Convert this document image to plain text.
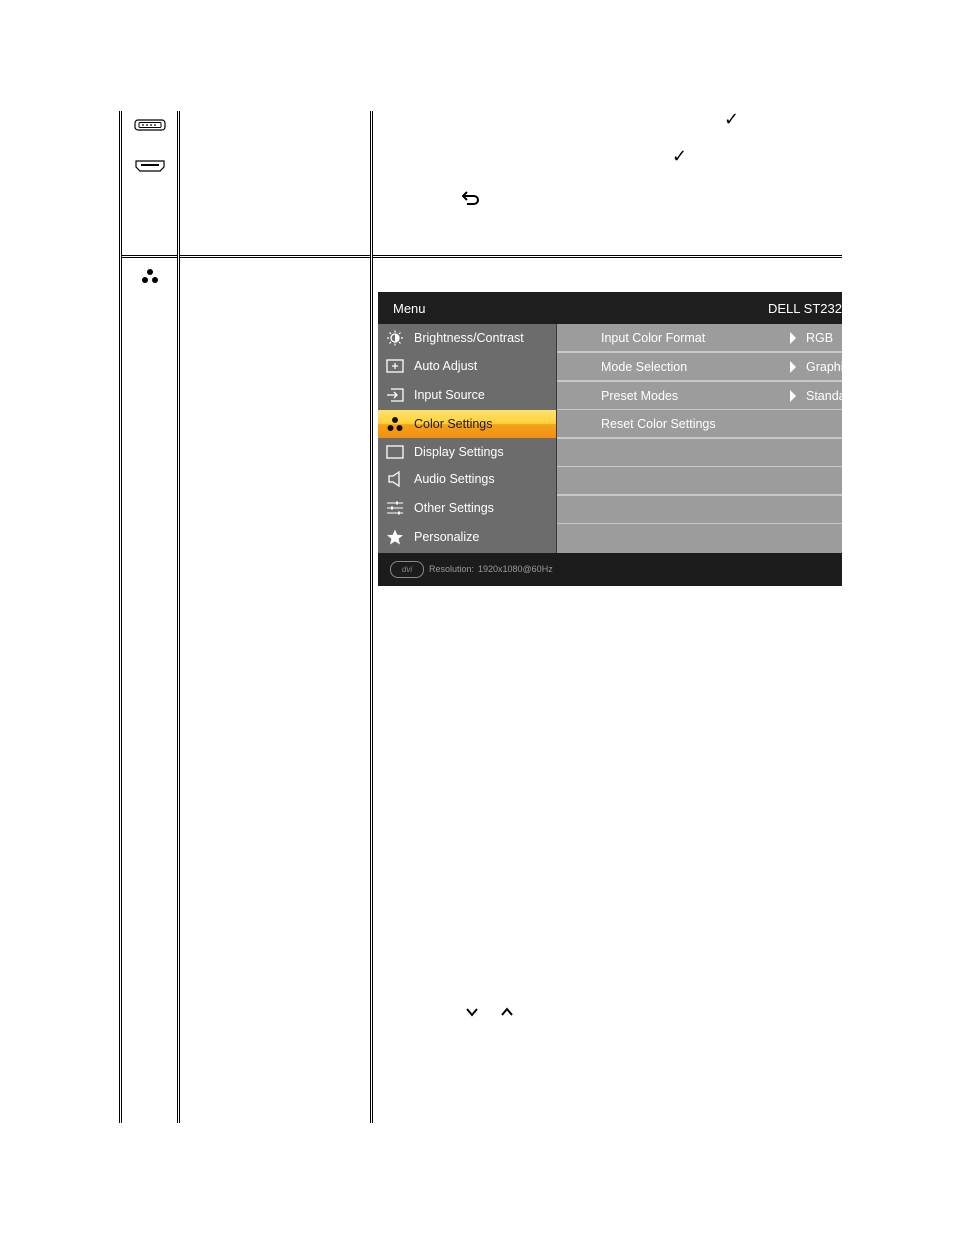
✓
✓
Menu	DELL ST2320
Brightness/Contrast
Auto Adjust
Input Source
Color Settings
Display Settings
Audio Settings
Other Settings
Personalize
Input Color Format	RGB
Mode Selection	Graphics
Preset Modes	Standard
Reset Color Settings
dvi	Resolution: 1920x1080@60Hz
